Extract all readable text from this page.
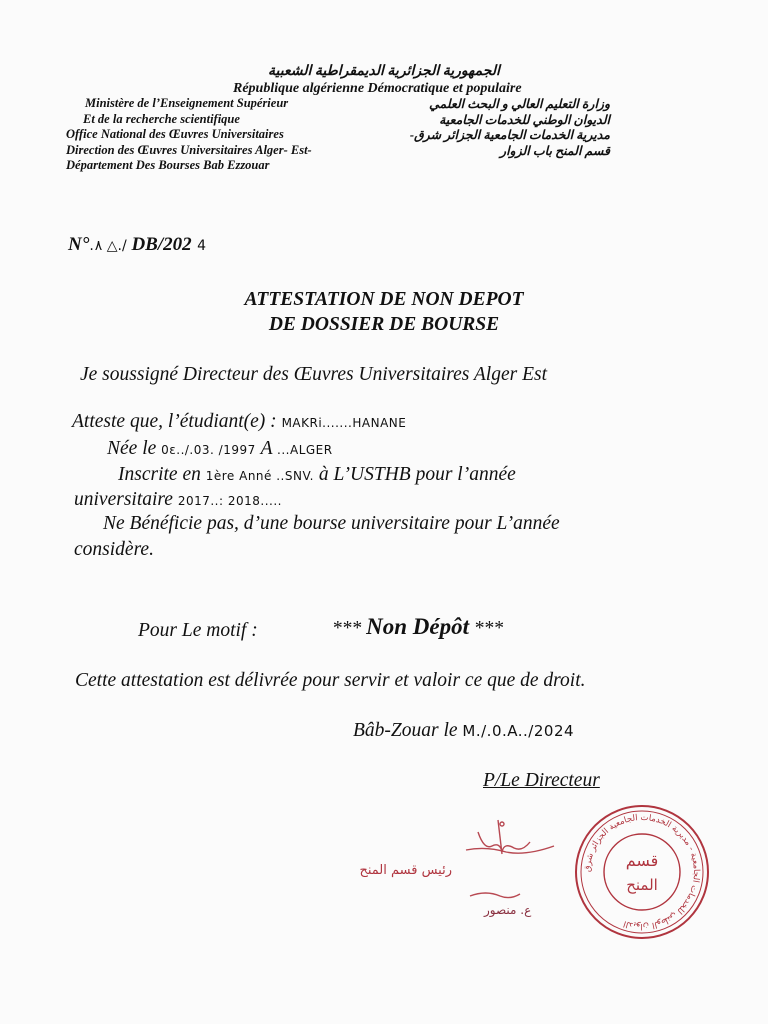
الجمهورية الجزائرية الديمقراطية الشعبية
République algérienne Démocratique et populaire
Ministère de l’Enseignement Supérieur
Et de la recherche scientifique
Office National des Œuvres Universitaires
Direction des Œuvres Universitaires Alger- Est-
Département Des Bourses Bab Ezzouar
وزارة التعليم العالي و البحث العلمي
الديوان الوطني للخدمات الجامعية
مديرية الخدمات الجامعية الجزائر شرق-
قسم المنح باب الزوار
N°.۸ △./ DB/202 4
ATTESTATION DE NON DEPOT
DE DOSSIER DE BOURSE
Je soussigné Directeur des Œuvres Universitaires Alger Est
Atteste que, l’étudiant(e) : MAKRi.......HANANE
Née le 0ε../.03. /1997 A ...ALGER
Inscrite en 1ère Anné ..SNV. à L’USTHB pour l’année
universitaire 2017..: 2018.....
Ne Bénéficie pas, d’une bourse universitaire pour L’année
considère.
Pour Le motif :	*** Non Dépôt ***
Cette attestation est délivrée pour servir et valoir ce que de droit.
Bâb-Zouar le M./.0.A../2024
P/Le Directeur
رئيس قسم المنح
ع. منصور
الديوان الوطني للخدمات الجامعية - مديرية الخدمات الجامعية الجزائر شرق
قسم
المنح
